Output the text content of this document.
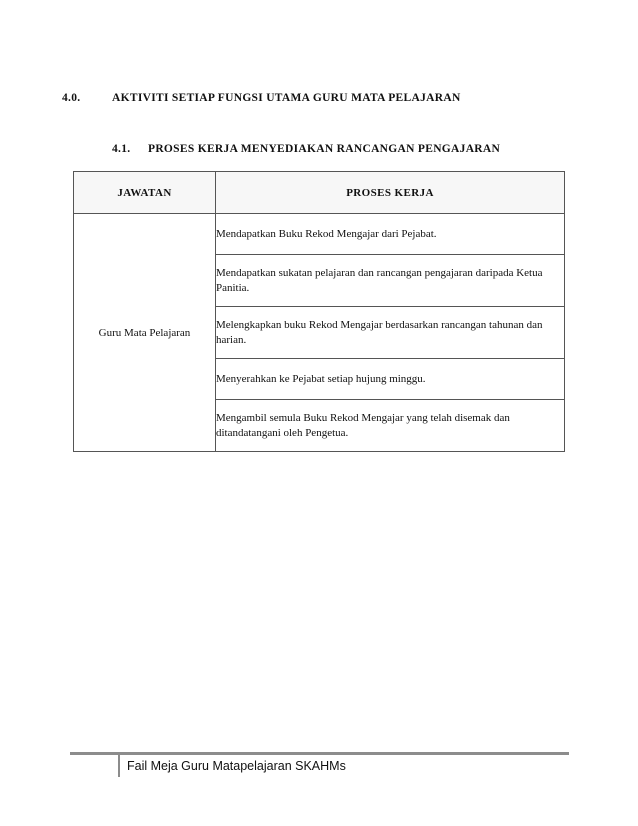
4.0.	AKTIVITI SETIAP FUNGSI UTAMA GURU MATA PELAJARAN
4.1. PROSES KERJA MENYEDIAKAN RANCANGAN PENGAJARAN
JAWATAN	PROSES KERJA
Guru Mata Pelajaran	Mendapatkan Buku Rekod Mengajar dari Pejabat.
	Mendapatkan sukatan pelajaran dan rancangan pengajaran daripada Ketua Panitia.
	Melengkapkan buku Rekod Mengajar berdasarkan rancangan tahunan dan harian.
	Menyerahkan ke Pejabat setiap hujung minggu.
	Mengambil semula Buku Rekod Mengajar yang telah disemak dan ditandatangani oleh Pengetua.
Fail Meja Guru Matapelajaran SKAHMs
